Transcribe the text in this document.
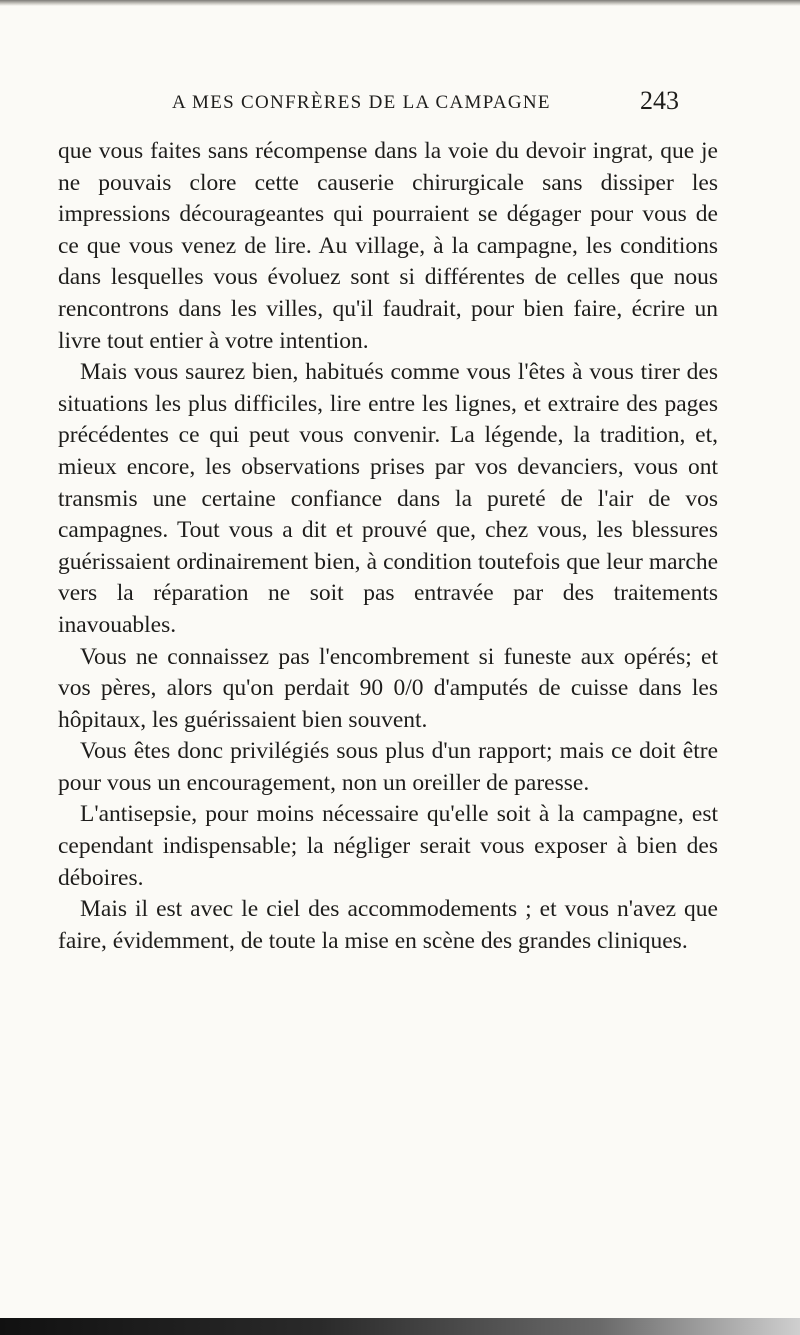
A MES CONFRÈRES DE LA CAMPAGNE	243

que vous faites sans récompense dans la voie du devoir ingrat, que je ne pouvais clore cette causerie chirurgicale sans dissiper les impressions décourageantes qui pourraient se dégager pour vous de ce que vous venez de lire. Au village, à la campagne, les conditions dans lesquelles vous évoluez sont si différentes de celles que nous rencontrons dans les villes, qu'il faudrait, pour bien faire, écrire un livre tout entier à votre intention.

Mais vous saurez bien, habitués comme vous l'êtes à vous tirer des situations les plus difficiles, lire entre les lignes, et extraire des pages précédentes ce qui peut vous convenir. La légende, la tradition, et, mieux encore, les observations prises par vos devanciers, vous ont transmis une certaine confiance dans la pureté de l'air de vos campagnes. Tout vous a dit et prouvé que, chez vous, les blessures guérissaient ordinairement bien, à condition toutefois que leur marche vers la réparation ne soit pas entravée par des traitements inavouables.

Vous ne connaissez pas l'encombrement si funeste aux opérés; et vos pères, alors qu'on perdait 90 0/0 d'amputés de cuisse dans les hôpitaux, les guérissaient bien souvent.

Vous êtes donc privilégiés sous plus d'un rapport; mais ce doit être pour vous un encouragement, non un oreiller de paresse.

L'antisepsie, pour moins nécessaire qu'elle soit à la campagne, est cependant indispensable; la négliger serait vous exposer à bien des déboires.

Mais il est avec le ciel des accommodements ; et vous n'avez que faire, évidemment, de toute la mise en scène des grandes cliniques.
